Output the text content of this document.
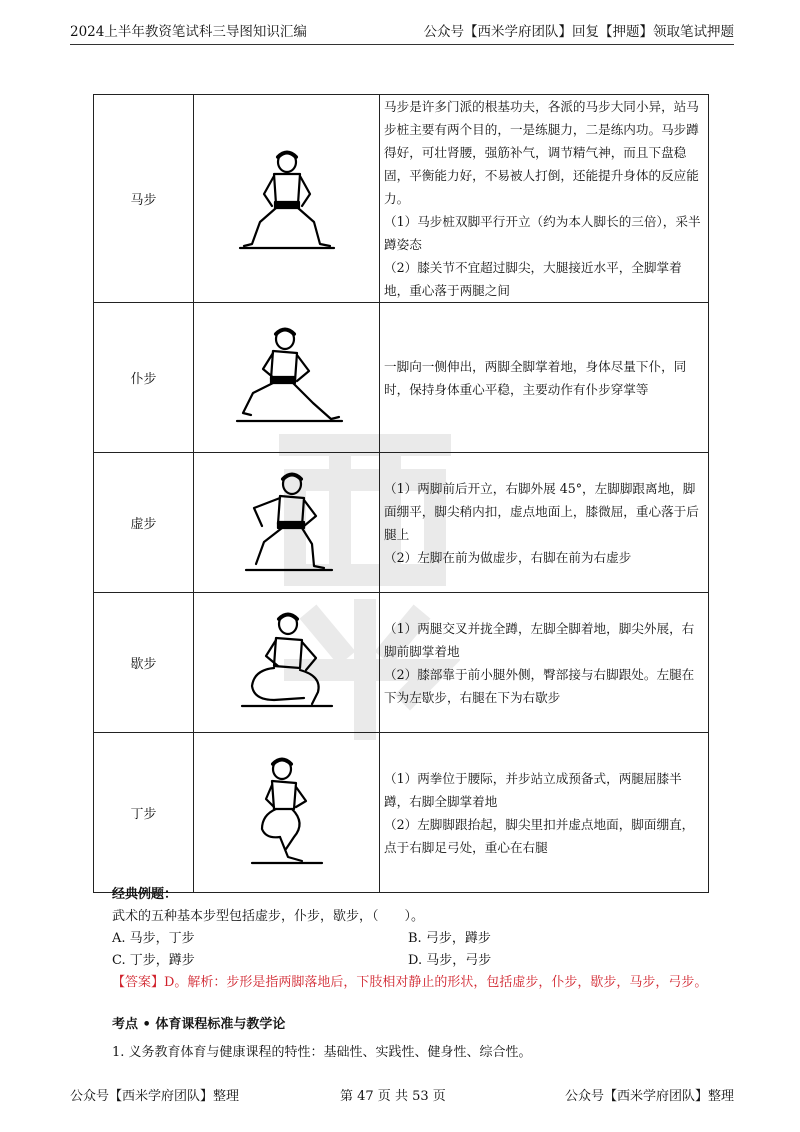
2024上半年教资笔试科三导图知识汇编	公众号【西米学府团队】回复【押题】领取笔试押题
马步		马步是许多门派的根基功夫，各派的马步大同小异，站马步桩主要有两个目的，一是练腿力，二是练内功。马步蹲得好，可壮肾腰，强筋补气，调节精气神，而且下盘稳固，平衡能力好，不易被人打倒，还能提升身体的反应能力。

（1）马步桩双脚平行开立（约为本人脚长的三倍），采半蹲姿态

（2）膝关节不宜超过脚尖，大腿接近水平，全脚掌着地，重心落于两腿之间

仆步		一脚向一侧伸出，两脚全脚掌着地，身体尽量下仆，同时，保持身体重心平稳，主要动作有仆步穿掌等

虚步		（1）两脚前后开立，右脚外展 45°，左脚脚跟离地，脚面绷平，脚尖稍内扣，虚点地面上，膝微屈，重心落于后腿上

（2）左脚在前为做虚步，右脚在前为右虚步

歇步		（1）两腿交叉并拢全蹲，左脚全脚着地，脚尖外展，右脚前脚掌着地

（2）膝部靠于前小腿外侧，臀部接与右脚跟处。左腿在下为左歇步，右腿在下为右歇步

丁步		（1）两拳位于腰际，并步站立成预备式，两腿屈膝半蹲，右脚全脚掌着地

（2）左脚脚跟抬起，脚尖里扣并虚点地面，脚面绷直，点于右脚足弓处，重心在右腿

经典例题：
武术的五种基本步型包括虚步，仆步，歇步，（　　）。
A. 马步，丁步	B. 弓步，蹲步
C. 丁步，蹲步	D. 马步，弓步
【答案】D。解析：步形是指两脚落地后，下肢相对静止的形状，包括虚步，仆步，歇步，马步，弓步。
考点 • 体育课程标准与教学论
1. 义务教育体育与健康课程的特性：基础性、实践性、健身性、综合性。
公众号【西米学府团队】整理	第 47 页 共 53 页	公众号【西米学府团队】整理
